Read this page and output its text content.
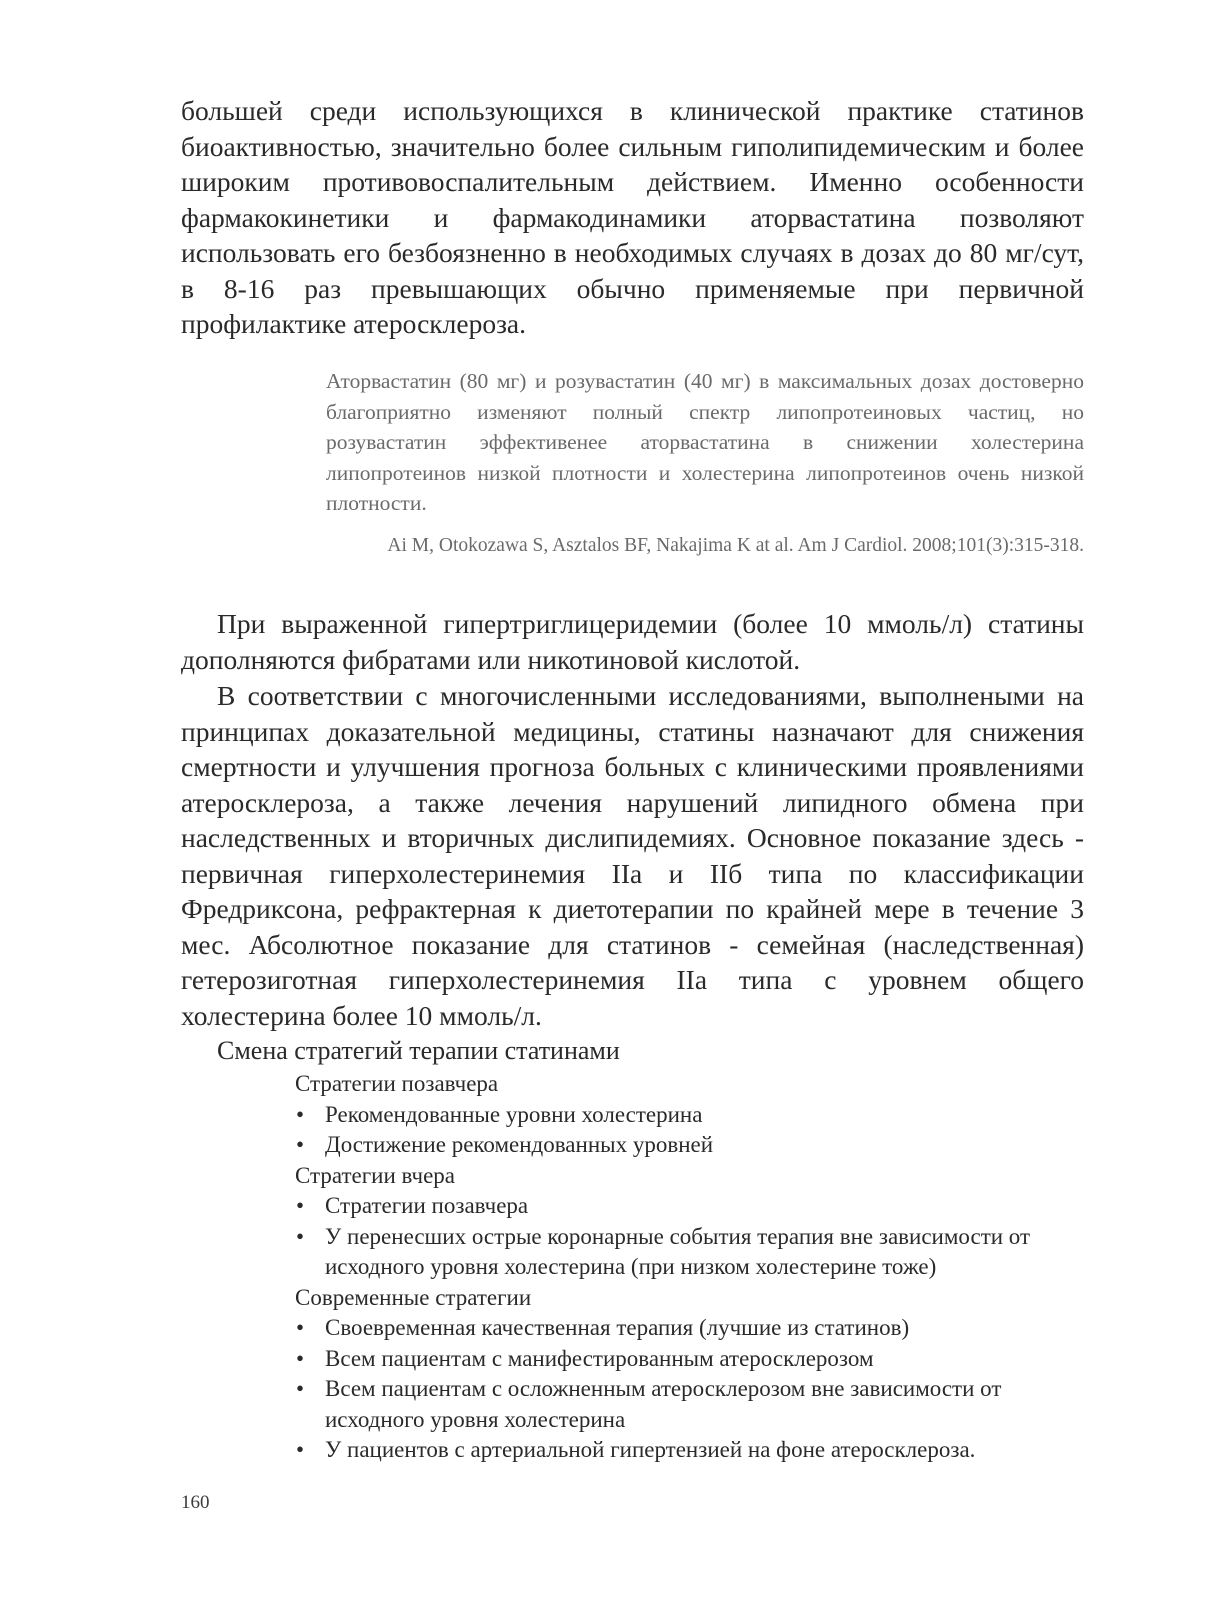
большей среди использующихся в клинической практике статинов биоактивностью, значительно более сильным гиполипидемическим и более широким противовоспалительным действием. Именно особенности фармакокинетики и фармакодинамики аторвастатина позволяют использовать его безбоязненно в необходимых случаях в дозах до 80 мг/сут, в 8-16 раз превышающих обычно применяемые при первичной профилактике атеросклероза.

Аторвастатин (80 мг) и розувастатин (40 мг) в максимальных дозах достоверно благоприятно изменяют полный спектр липопротеиновых частиц, но розувастатин эффективенее аторвастатина в снижении холестерина липопротеинов низкой плотности и холестерина липопротеинов очень низкой плотности.

Ai M, Otokozawa S, Asztalos BF, Nakajima K at al. Am J Cardiol. 2008;101(3):315-318.

При выраженной гипертриглицеридемии (более 10 ммоль/л) статины дополняются фибратами или никотиновой кислотой.

В соответствии с многочисленными исследованиями, выполнеными на принципах доказательной медицины, статины назначают для снижения смертности и улучшения прогноза больных с клиническими проявлениями атеросклероза, а также лечения нарушений липидного обмена при наследственных и вторичных дислипидемиях. Основное показание здесь - первичная гиперхолестеринемия IIа и IIб типа по классификации Фредриксона, рефрактерная к диетотерапии по крайней мере в течение 3 мес. Абсолютное показание для статинов - семейная (наследственная) гетерозиготная гиперхолестеринемия IIа типа с уровнем общего холестерина более 10 ммоль/л.

Смена стратегий терапии статинами

Стратегии позавчера

• Рекомендованные уровни холестерина
• Достижение рекомендованных уровней

Стратегии вчера

• Стратегии позавчера
• У перенесших острые коронарные события терапия вне зависимости от исходного уровня холестерина (при низком холестерине тоже)

Современные стратегии

• Своевременная качественная терапия (лучшие из статинов)
• Всем пациентам с манифестированным атеросклерозом
• Всем пациентам с осложненным атеросклерозом вне зависимости от исходного уровня холестерина
• У пациентов с артериальной гипертензией на фоне атеросклероза.
160
